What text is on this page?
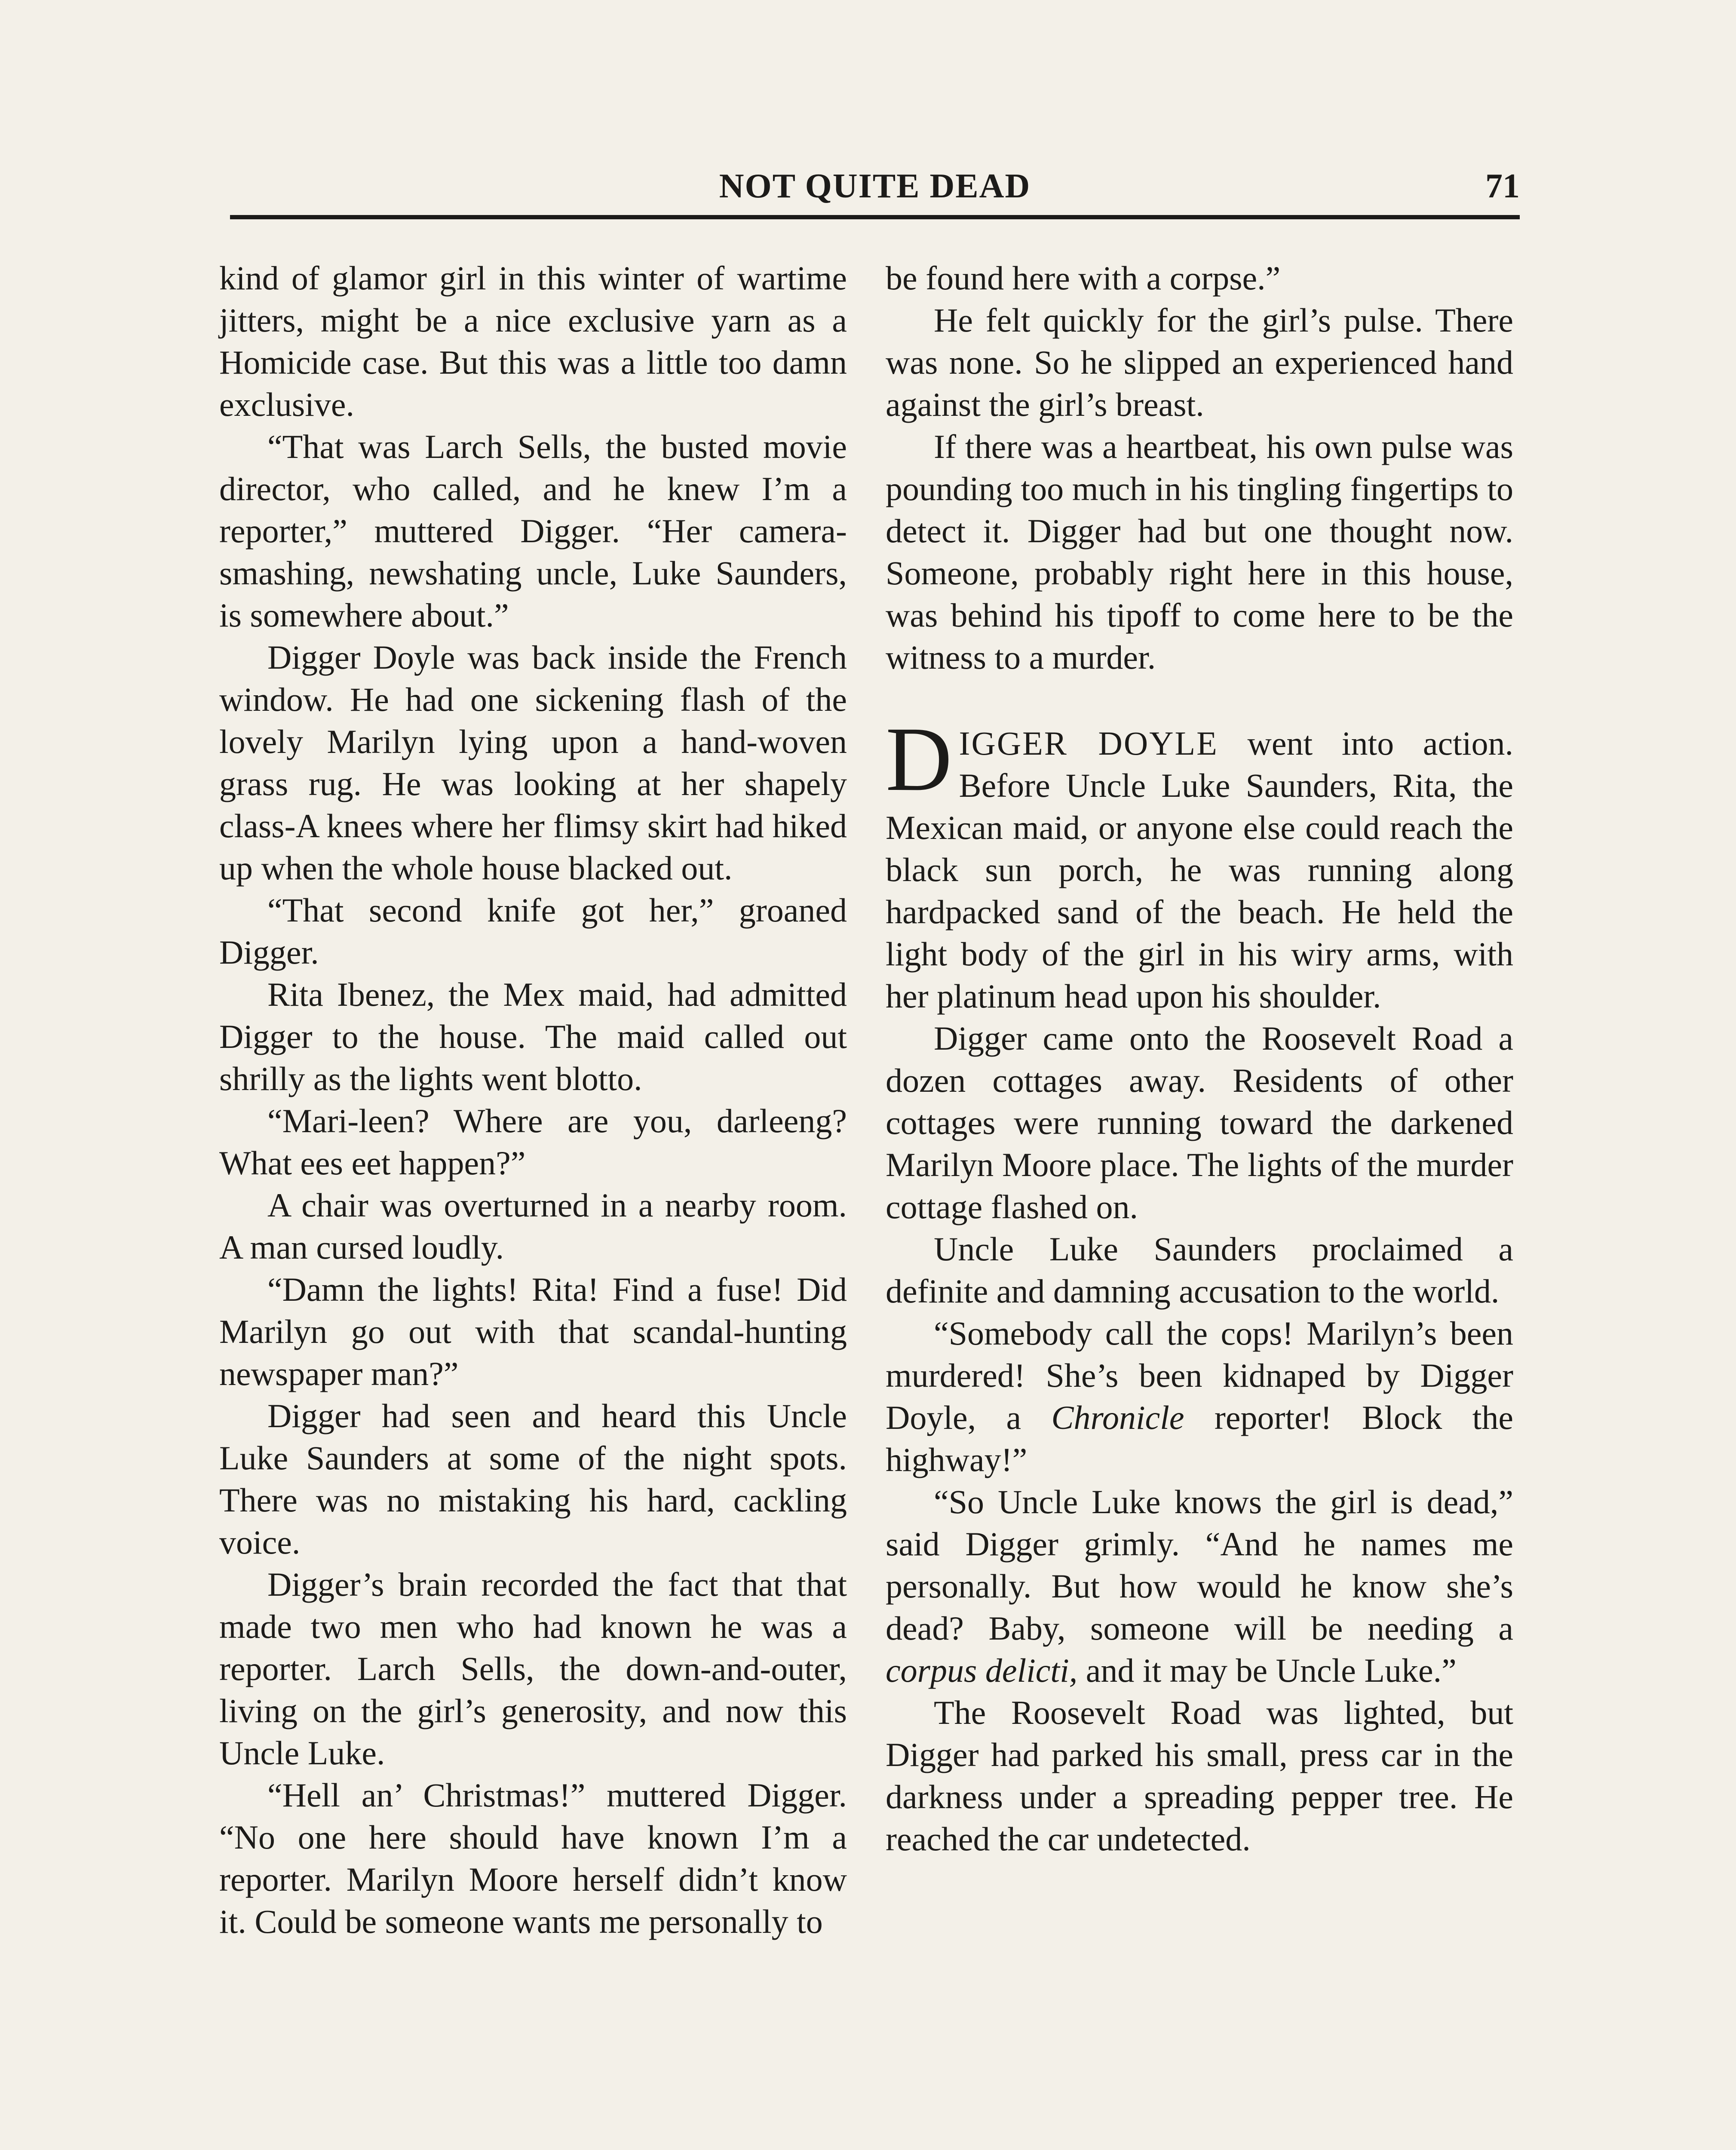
NOT QUITE DEAD	71

kind of glamor girl in this winter of wartime jitters, might be a nice exclusive yarn as a Homicide case. But this was a little too damn exclusive.

“That was Larch Sells, the busted movie director, who called, and he knew I’m a reporter,” muttered Digger. “Her camera-smashing, newshating uncle, Luke Saunders, is somewhere about.”

Digger Doyle was back inside the French window. He had one sickening flash of the lovely Marilyn lying upon a hand-woven grass rug. He was looking at her shapely class-A knees where her flimsy skirt had hiked up when the whole house blacked out.

“That second knife got her,” groaned Digger.

Rita Ibenez, the Mex maid, had admitted Digger to the house. The maid called out shrilly as the lights went blotto.

“Mari-leen? Where are you, darleeng? What ees eet happen?”

A chair was overturned in a nearby room. A man cursed loudly.

“Damn the lights! Rita! Find a fuse! Did Marilyn go out with that scandal-hunting newspaper man?”

Digger had seen and heard this Uncle Luke Saunders at some of the night spots. There was no mistaking his hard, cackling voice.

Digger’s brain recorded the fact that that made two men who had known he was a reporter. Larch Sells, the down-and-outer, living on the girl’s generosity, and now this Uncle Luke.

“Hell an’ Christmas!” muttered Digger. “No one here should have known I’m a reporter. Marilyn Moore herself didn’t know it. Could be someone wants me personally to

be found here with a corpse.”

He felt quickly for the girl’s pulse. There was none. So he slipped an experienced hand against the girl’s breast.

If there was a heartbeat, his own pulse was pounding too much in his tingling fingertips to detect it. Digger had but one thought now. Someone, probably right here in this house, was behind his tipoff to come here to be the witness to a murder.

DIGGER DOYLE went into action. Before Uncle Luke Saunders, Rita, the Mexican maid, or anyone else could reach the black sun porch, he was running along hardpacked sand of the beach. He held the light body of the girl in his wiry arms, with her platinum head upon his shoulder.

Digger came onto the Roosevelt Road a dozen cottages away. Residents of other cottages were running toward the darkened Marilyn Moore place. The lights of the murder cottage flashed on.

Uncle Luke Saunders proclaimed a definite and damning accusation to the world.

“Somebody call the cops! Marilyn’s been murdered! She’s been kidnaped by Digger Doyle, a Chronicle reporter! Block the highway!”

“So Uncle Luke knows the girl is dead,” said Digger grimly. “And he names me personally. But how would he know she’s dead? Baby, someone will be needing a corpus delicti, and it may be Uncle Luke.”

The Roosevelt Road was lighted, but Digger had parked his small, press car in the darkness under a spreading pepper tree. He reached the car undetected.
